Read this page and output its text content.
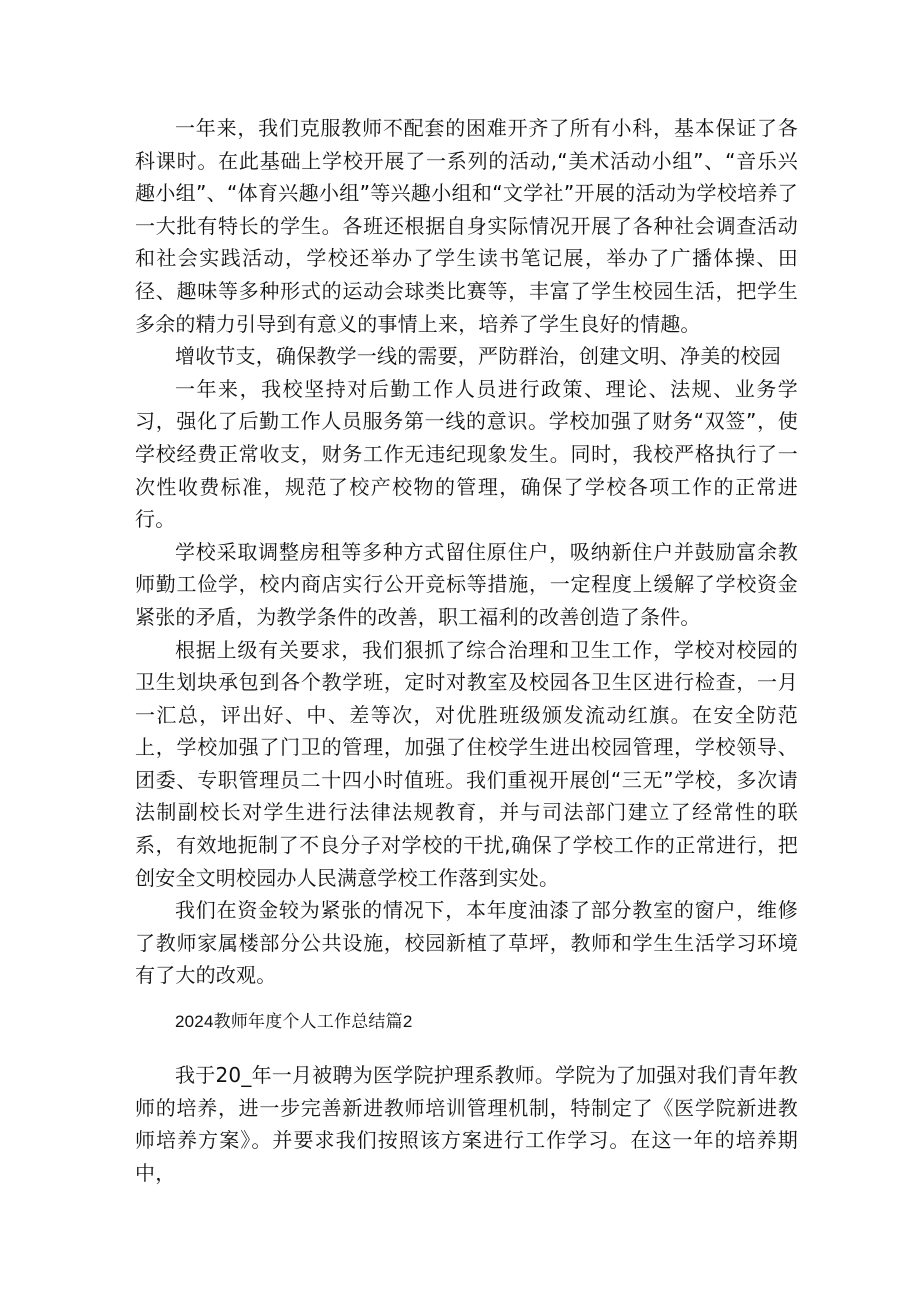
一年来，我们克服教师不配套的困难开齐了所有小科，基本保证了各科课时。在此基础上学校开展了一系列的活动,“美术活动小组”、“音乐兴趣小组”、“体育兴趣小组”等兴趣小组和“文学社”开展的活动为学校培养了一大批有特长的学生。各班还根据自身实际情况开展了各种社会调查活动和社会实践活动，学校还举办了学生读书笔记展，举办了广播体操、田径、趣味等多种形式的运动会球类比赛等，丰富了学生校园生活，把学生多余的精力引导到有意义的事情上来，培养了学生良好的情趣。

增收节支，确保教学一线的需要，严防群治，创建文明、净美的校园

一年来，我校坚持对后勤工作人员进行政策、理论、法规、业务学习，强化了后勤工作人员服务第一线的意识。学校加强了财务“双签”，使学校经费正常收支，财务工作无违纪现象发生。同时，我校严格执行了一次性收费标准，规范了校产校物的管理，确保了学校各项工作的正常进行。

学校采取调整房租等多种方式留住原住户，吸纳新住户并鼓励富余教师勤工俭学，校内商店实行公开竞标等措施，一定程度上缓解了学校资金紧张的矛盾，为教学条件的改善，职工福利的改善创造了条件。

根据上级有关要求，我们狠抓了综合治理和卫生工作，学校对校园的卫生划块承包到各个教学班，定时对教室及校园各卫生区进行检查，一月一汇总，评出好、中、差等次，对优胜班级颁发流动红旗。在安全防范上，学校加强了门卫的管理，加强了住校学生进出校园管理，学校领导、团委、专职管理员二十四小时值班。我们重视开展创“三无”学校，多次请法制副校长对学生进行法律法规教育，并与司法部门建立了经常性的联系，有效地扼制了不良分子对学校的干扰,确保了学校工作的正常进行，把创安全文明校园办人民满意学校工作落到实处。

我们在资金较为紧张的情况下，本年度油漆了部分教室的窗户，维修了教师家属楼部分公共设施，校园新植了草坪，教师和学生生活学习环境有了大的改观。

2024教师年度个人工作总结篇2

我于20_年一月被聘为医学院护理系教师。学院为了加强对我们青年教师的培养，进一步完善新进教师培训管理机制，特制定了《医学院新进教师培养方案》。并要求我们按照该方案进行工作学习。在这一年的培养期中，
